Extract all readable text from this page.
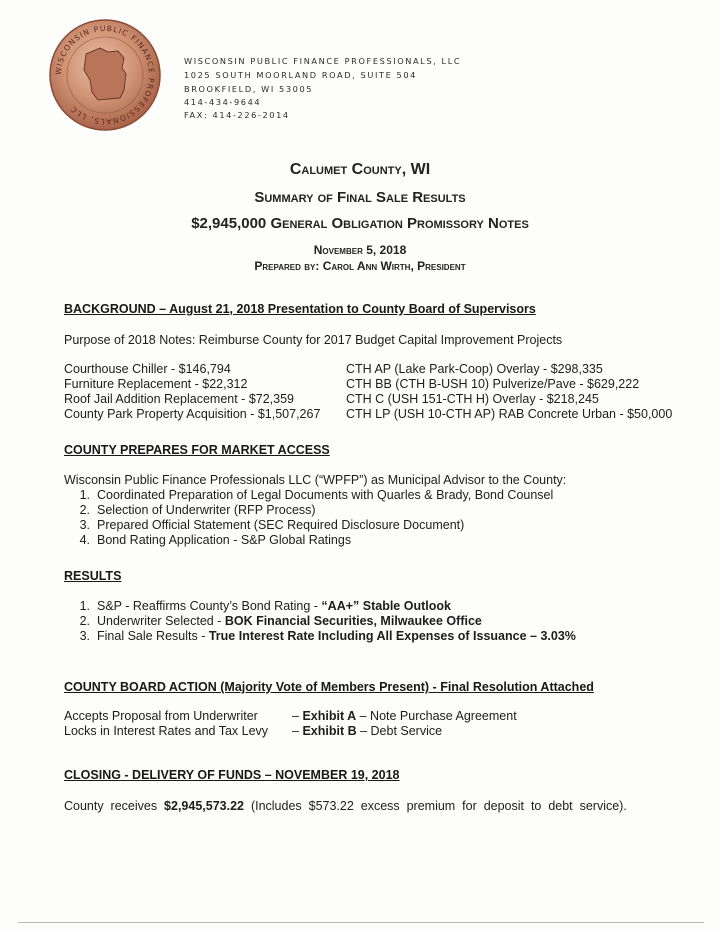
WISCONSIN PUBLIC FINANCE PROFESSIONALS, LLC
WISCONSIN PUBLIC FINANCE PROFESSIONALS, LLC
1025 SOUTH MOORLAND ROAD, SUITE 504
BROOKFIELD, WI 53005
414-434-9644
FAX: 414-226-2014
Calumet County, WI
Summary of Final Sale Results
$2,945,000 General Obligation Promissory Notes
November 5, 2018
Prepared by: Carol Ann Wirth, President
BACKGROUND – August 21, 2018 Presentation to County Board of Supervisors
Purpose of 2018 Notes: Reimburse County for 2017 Budget Capital Improvement Projects
Courthouse Chiller - $146,794
Furniture Replacement - $22,312
Roof Jail Addition Replacement - $72,359
County Park Property Acquisition - $1,507,267
CTH AP (Lake Park-Coop) Overlay - $298,335
CTH BB (CTH B-USH 10) Pulverize/Pave - $629,222
CTH C (USH 151-CTH H) Overlay - $218,245
CTH LP (USH 10-CTH AP) RAB Concrete Urban - $50,000
COUNTY PREPARES FOR MARKET ACCESS
Wisconsin Public Finance Professionals LLC (“WPFP”) as Municipal Advisor to the County:
1. Coordinated Preparation of Legal Documents with Quarles & Brady, Bond Counsel
2. Selection of Underwriter (RFP Process)
3. Prepared Official Statement (SEC Required Disclosure Document)
4. Bond Rating Application - S&P Global Ratings
RESULTS
1. S&P - Reaffirms County’s Bond Rating - “AA+” Stable Outlook
2. Underwriter Selected - BOK Financial Securities, Milwaukee Office
3. Final Sale Results - True Interest Rate Including All Expenses of Issuance – 3.03%
COUNTY BOARD ACTION (Majority Vote of Members Present) - Final Resolution Attached
Accepts Proposal from Underwriter	– Exhibit A – Note Purchase Agreement
Locks in Interest Rates and Tax Levy – Exhibit B – Debt Service
CLOSING - DELIVERY OF FUNDS – NOVEMBER 19, 2018
County  receives  $2,945,573.22  (Includes  $573.22  excess  premium  for  deposit  to  debt  service).
